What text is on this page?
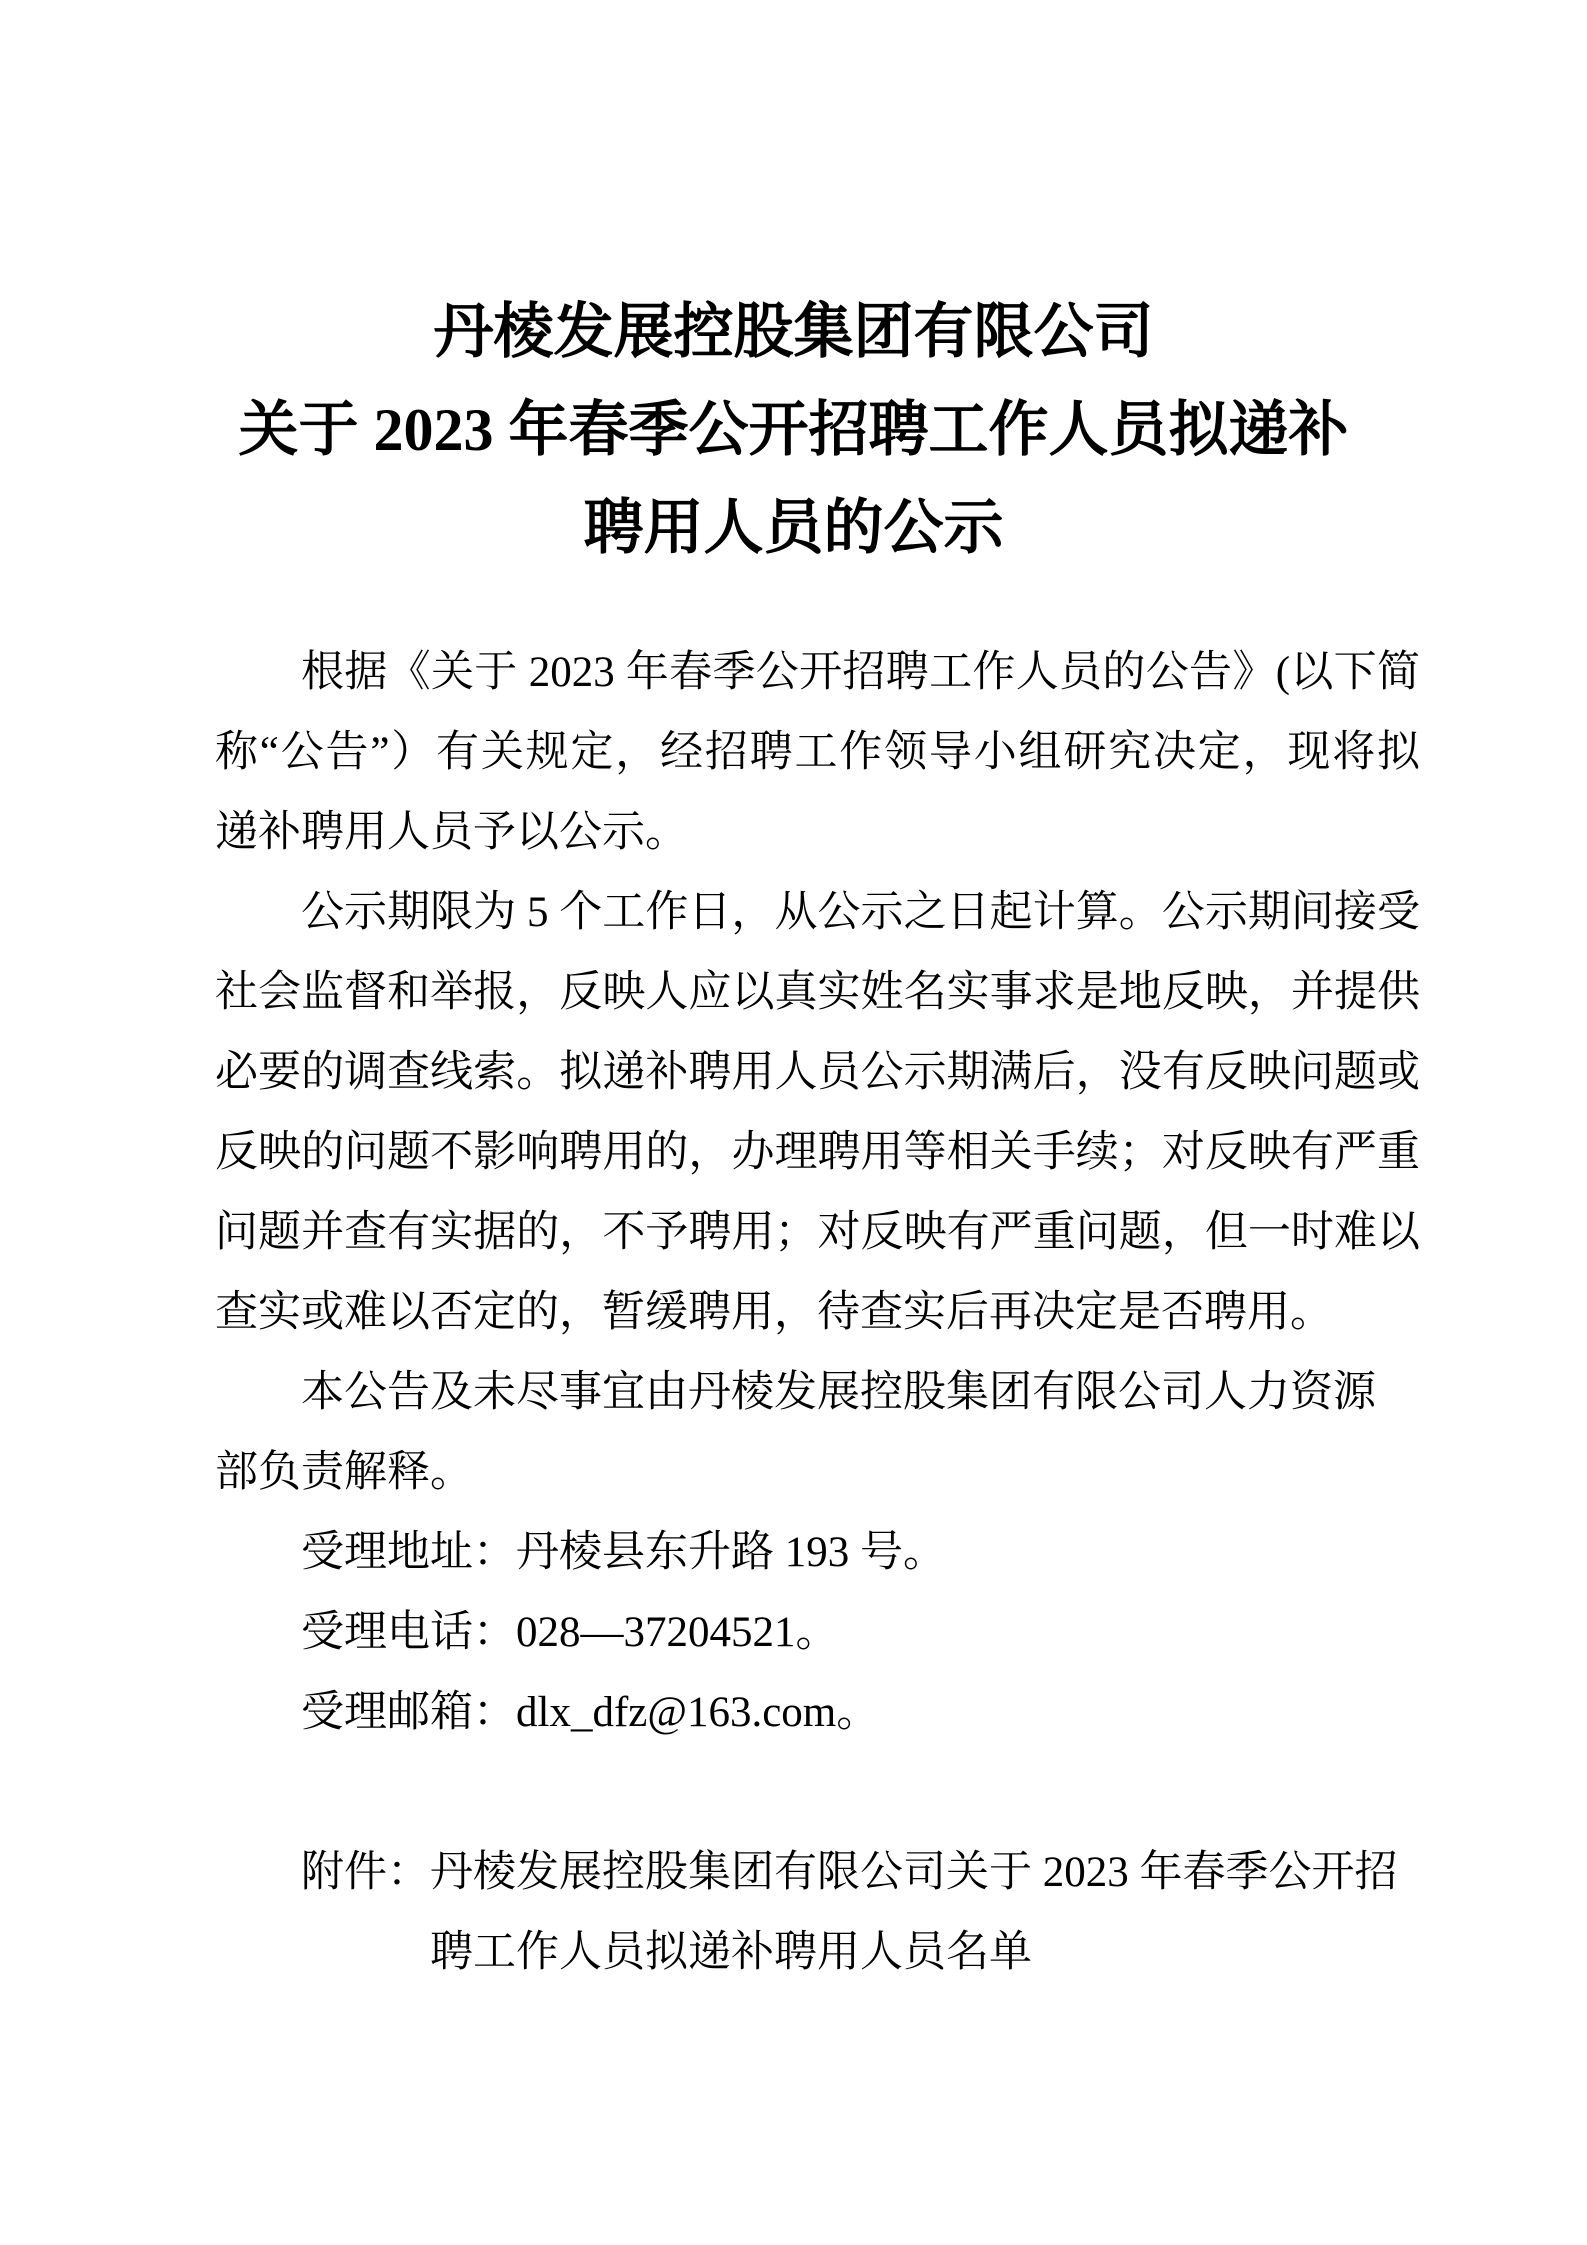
丹棱发展控股集团有限公司
关于 2023 年春季公开招聘工作人员拟递补
聘用人员的公示
根据《关于 2023 年春季公开招聘工作人员的公告》(以下简
称“公告”）有关规定，经招聘工作领导小组研究决定，现将拟
递补聘用人员予以公示。
公示期限为 5 个工作日，从公示之日起计算。公示期间接受
社会监督和举报，反映人应以真实姓名实事求是地反映，并提供
必要的调查线索。拟递补聘用人员公示期满后，没有反映问题或
反映的问题不影响聘用的，办理聘用等相关手续；对反映有严重
问题并查有实据的，不予聘用；对反映有严重问题，但一时难以
查实或难以否定的，暂缓聘用，待查实后再决定是否聘用。
本公告及未尽事宜由丹棱发展控股集团有限公司人力资源
部负责解释。
受理地址：丹棱县东升路 193 号。
受理电话：028—37204521。
受理邮箱：dlx_dfz@163.com。
附件：丹棱发展控股集团有限公司关于 2023 年春季公开招
聘工作人员拟递补聘用人员名单
